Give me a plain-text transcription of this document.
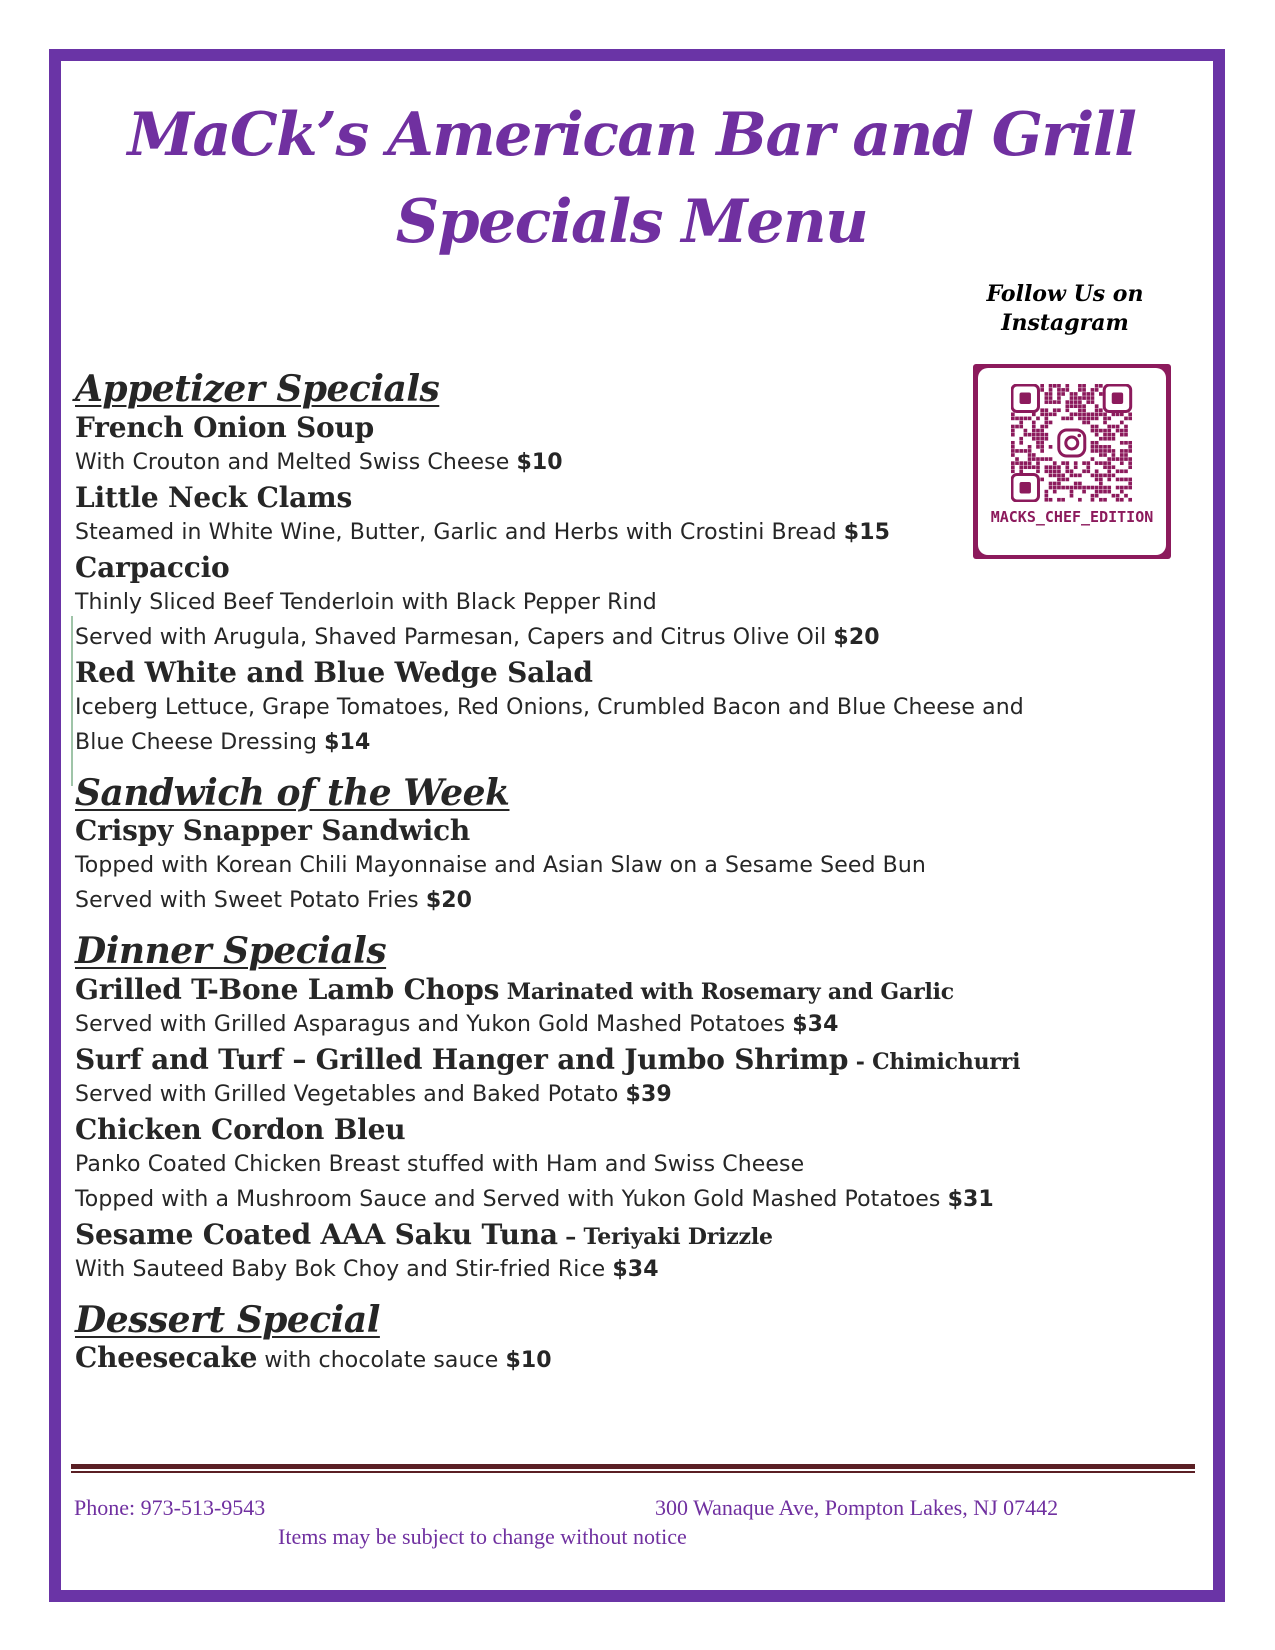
MaCk’s American Bar and Grill
Specials Menu
Follow Us on
Instagram
MACKS_CHEF_EDITION
Appetizer Specials

French Onion Soup

With Crouton and Melted Swiss Cheese $10

Little Neck Clams

Steamed in White Wine, Butter, Garlic and Herbs with Crostini Bread $15

Carpaccio

Thinly Sliced Beef Tenderloin with Black Pepper Rind

Served with Arugula, Shaved Parmesan, Capers and Citrus Olive Oil $20

Red White and Blue Wedge Salad

Iceberg Lettuce, Grape Tomatoes, Red Onions, Crumbled Bacon and Blue Cheese and

Blue Cheese Dressing $14

Sandwich of the Week

Crispy Snapper Sandwich

Topped with Korean Chili Mayonnaise and Asian Slaw on a Sesame Seed Bun

Served with Sweet Potato Fries $20

Dinner Specials

Grilled T-Bone Lamb Chops Marinated with Rosemary and Garlic

Served with Grilled Asparagus and Yukon Gold Mashed Potatoes $34

Surf and Turf – Grilled Hanger and Jumbo Shrimp - Chimichurri

Served with Grilled Vegetables and Baked Potato $39

Chicken Cordon Bleu

Panko Coated Chicken Breast stuffed with Ham and Swiss Cheese

Topped with a Mushroom Sauce and Served with Yukon Gold Mashed Potatoes $31

Sesame Coated AAA Saku Tuna – Teriyaki Drizzle

With Sauteed Baby Bok Choy and Stir-fried Rice $34

Dessert Special

Cheesecake with chocolate sauce $10

Phone: 973-513-9543	300 Wanaque Ave, Pompton Lakes, NJ 07442
Items may be subject to change without notice
